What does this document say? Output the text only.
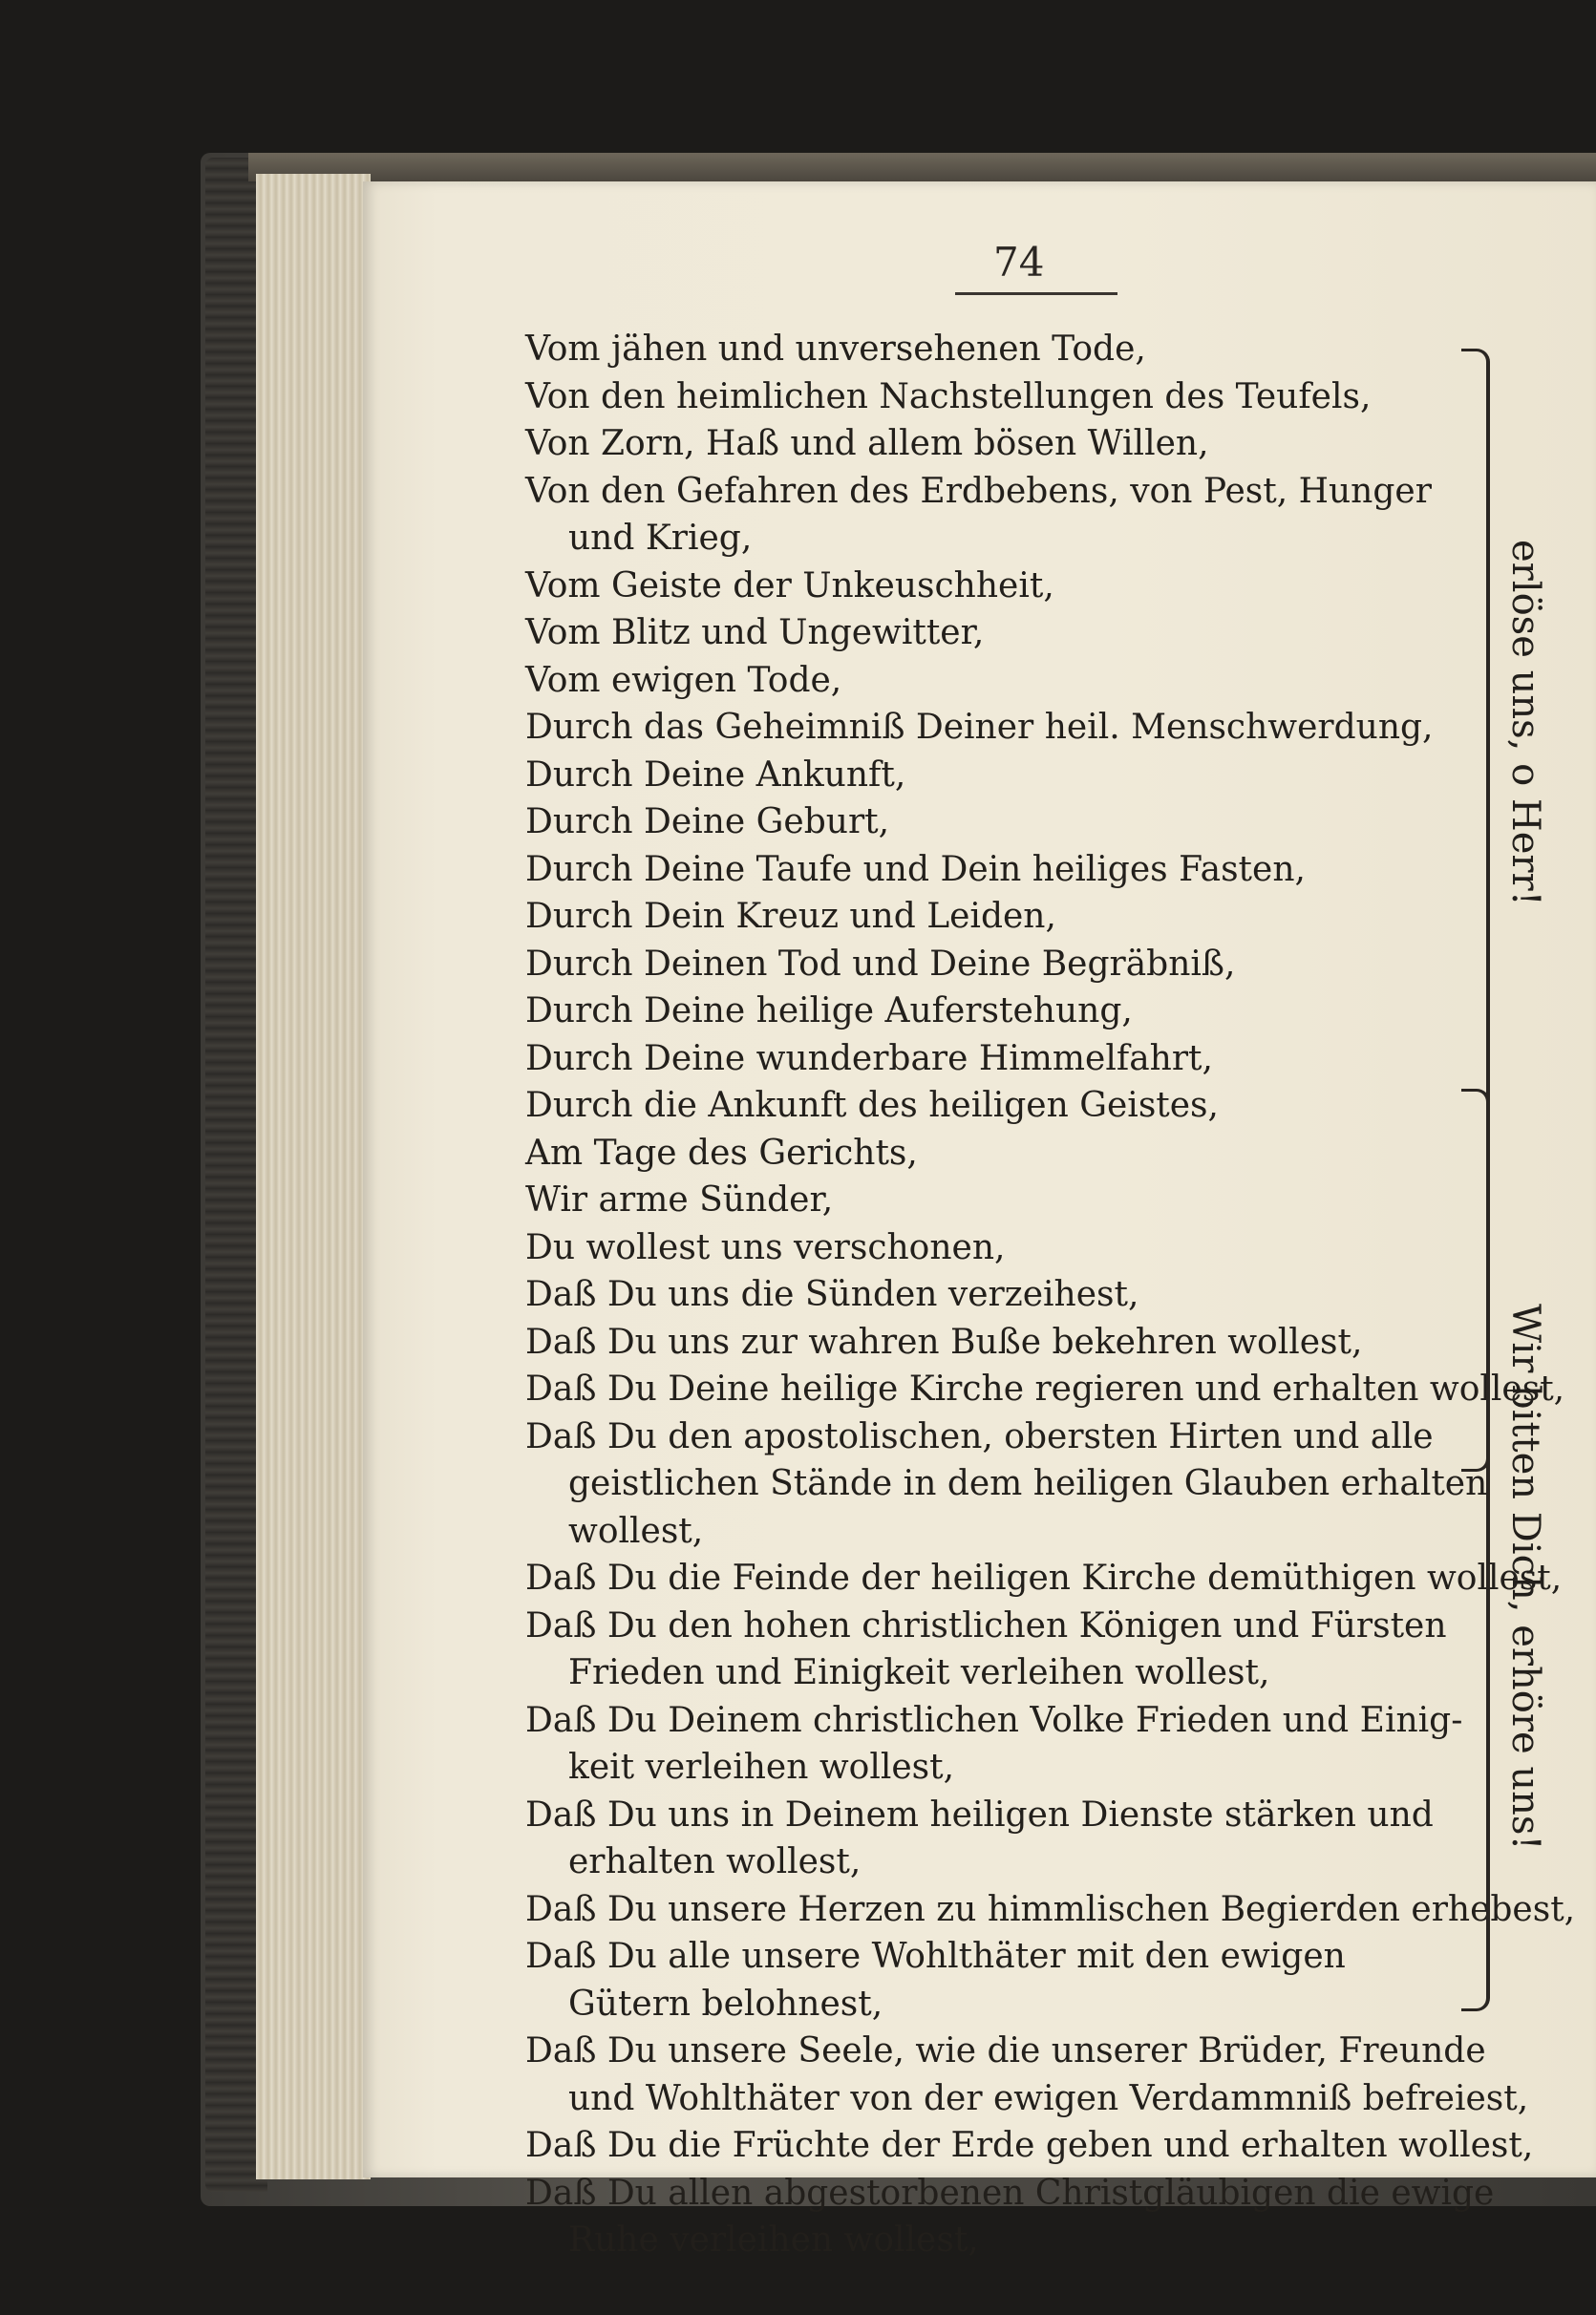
74
Vom jähen und unversehenen Tode,
Von den heimlichen Nachstellungen des Teufels,
Von Zorn, Haß und allem bösen Willen,
Von den Gefahren des Erdbebens, von Pest, Hunger
und Krieg,
Vom Geiste der Unkeuschheit,
Vom Blitz und Ungewitter,
Vom ewigen Tode,
Durch das Geheimniß Deiner heil. Menschwerdung,
Durch Deine Ankunft,
Durch Deine Geburt,
Durch Deine Taufe und Dein heiliges Fasten,
Durch Dein Kreuz und Leiden,
Durch Deinen Tod und Deine Begräbniß,
Durch Deine heilige Auferstehung,
Durch Deine wunderbare Himmelfahrt,
Durch die Ankunft des heiligen Geistes,
Am Tage des Gerichts,
Wir arme Sünder,
Du wollest uns verschonen,
Daß Du uns die Sünden verzeihest,
Daß Du uns zur wahren Buße bekehren wollest,
Daß Du Deine heilige Kirche regieren und erhalten wollest,
Daß Du den apostolischen, obersten Hirten und alle
geistlichen Stände in dem heiligen Glauben erhalten
wollest,
Daß Du die Feinde der heiligen Kirche demüthigen wollest,
Daß Du den hohen christlichen Königen und Fürsten
Frieden und Einigkeit verleihen wollest,
Daß Du Deinem christlichen Volke Frieden und Einig-
keit verleihen wollest,
Daß Du uns in Deinem heiligen Dienste stärken und
erhalten wollest,
Daß Du unsere Herzen zu himmlischen Begierden erhebest,
Daß Du alle unsere Wohlthäter mit den ewigen
Gütern belohnest,
Daß Du unsere Seele, wie die unserer Brüder, Freunde
und Wohlthäter von der ewigen Verdammniß befreiest,
Daß Du die Früchte der Erde geben und erhalten wollest,
Daß Du allen abgestorbenen Christgläubigen die ewige
Ruhe verleihen wollest,
erlöse uns, o Herr!
Wir bitten Dich, erhöre uns!
